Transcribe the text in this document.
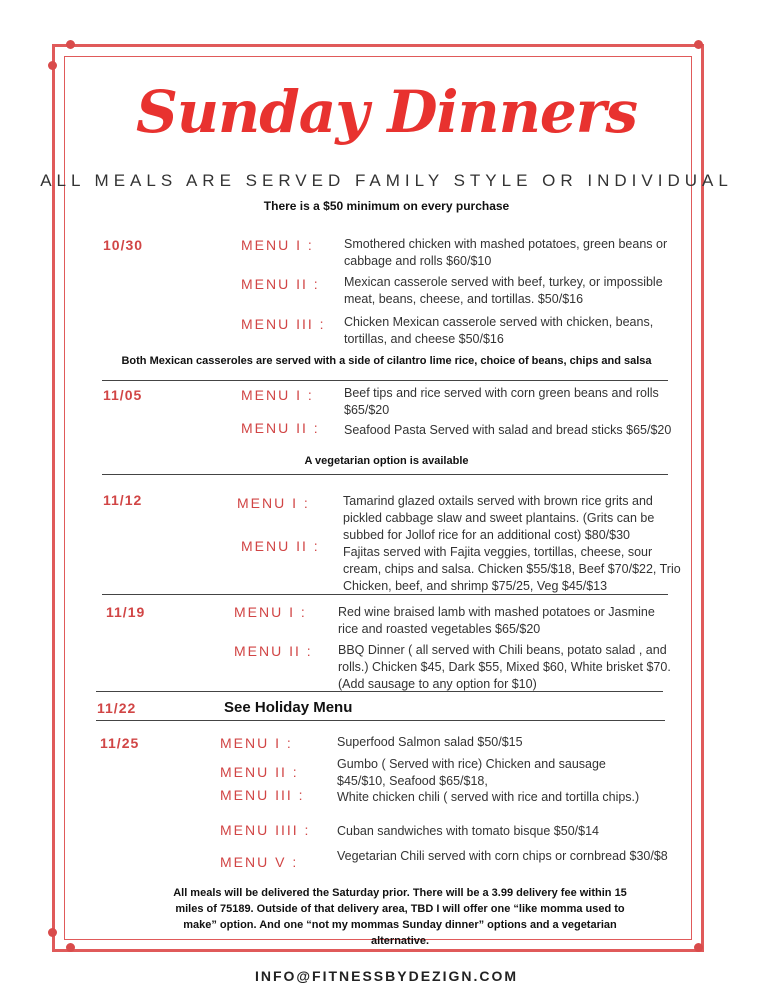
Sunday Dinners
ALL MEALS ARE SERVED FAMILY STYLE OR INDIVIDUAL
There is a $50 minimum on every purchase
10/30	MENU I : Smothered chicken with mashed potatoes, green beans or cabbage and rolls $60/$10
MENU II : Mexican casserole served with beef, turkey, or impossible meat, beans, cheese, and tortillas. $50/$16
MENU III : Chicken Mexican casserole served with chicken, beans, tortillas, and cheese $50/$16
Both Mexican casseroles are served with a side of cilantro lime rice, choice of beans, chips and salsa
11/05	MENU I : Beef tips and rice served with corn green beans and rolls $65/$20
MENU II : Seafood Pasta Served with salad and bread sticks $65/$20
A vegetarian option is available
11/12	MENU I :	Tamarind glazed oxtails served with brown rice grits and pickled cabbage slaw and sweet plantains. (Grits can be subbed for Jollof rice for an additional cost) $80/$30
MENU II : Fajitas served with Fajita veggies, tortillas, cheese, sour cream, chips and salsa. Chicken $55/$18, Beef $70/$22, Trio Chicken, beef, and shrimp $75/25, Veg $45/$13
11/19	MENU I : Red wine braised lamb with mashed potatoes or Jasmine rice and roasted vegetables $65/$20
MENU II : BBQ Dinner ( all served with Chili beans, potato salad , and rolls.) Chicken $45, Dark $55, Mixed $60, White brisket $70. (Add sausage to any option for $10)
11/22	See Holiday Menu
11/25	MENU I :	Superfood Salmon salad $50/$15
MENU II :	Gumbo ( Served with rice) Chicken and sausage $45/$10, Seafood $65/$18,
MENU III :	White chicken chili ( served with rice and tortilla chips.)
MENU IIII : Cuban sandwiches with tomato bisque $50/$14
MENU V :	Vegetarian Chili served with corn chips or cornbread $30/$8
All meals will be delivered the Saturday prior. There will be a 3.99 delivery fee within 15 miles of 75189. Outside of that delivery area, TBD I will offer one “like momma used to make” option. And one “not my mommas Sunday dinner” options and a vegetarian alternative.
INFO@FITNESSBYDEZIGN.COM
